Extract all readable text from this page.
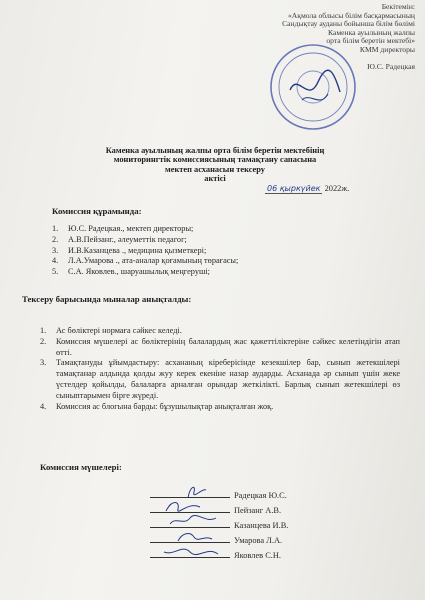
Бекітемін:
«Ақмола облысы білім басқармасының
Сандықтау ауданы бойынша білім бөлімі
Каменка ауылының жалпы
орта білім беретін мектебі»
КММ директоры
Ю.С. Радецкая
Каменка ауылының жалпы орта білім беретін мектебінің
мониторингтік комиссиясының тамақтану сапасына
мектеп асханасын тексеру
актісі
06 қыркүйек 2022ж.
Комиссия құрамында:
1. Ю.С. Радецкая., мектеп директоры;
2. А.В.Пейзанг., әлеуметтік педагог;
3. И.В.Казанцева ., медицина қызметкері;
4. Л.А.Умарова ., ата-аналар қоғамының төрағасы;
5. С.А. Яковлев., шаруашылық меңгеруші;
Тексеру барысында мыналар анықталды:
1. Ас бөліктері нормаға сәйкес келеді.
2. Комиссия мүшелері ас бөліктерінің балалардың жас қажеттіліктеріне сәйкес келетіндігін атап өтті.
3. Тамақтануды ұйымдастыру: асхананың кіреберісінде кезекшілер бар, сынып жетекшілері тамақтанар алдында қолды жуу керек екеніне назар аударды. Асханада әр сынып үшін жеке үстелдер қойылды, балаларға арналған орындар жеткілікті. Барлық сынып жетекшілері өз сыныптарымен бірге жүреді.
4. Комиссия ас блогына барды: бұзушылықтар анықталған жоқ.
Комиссия мүшелері:
Радецкая Ю.С.
Пейзанг А.В.
Казанцева И.В.
Умарова Л.А.
Яковлев С.Н.
